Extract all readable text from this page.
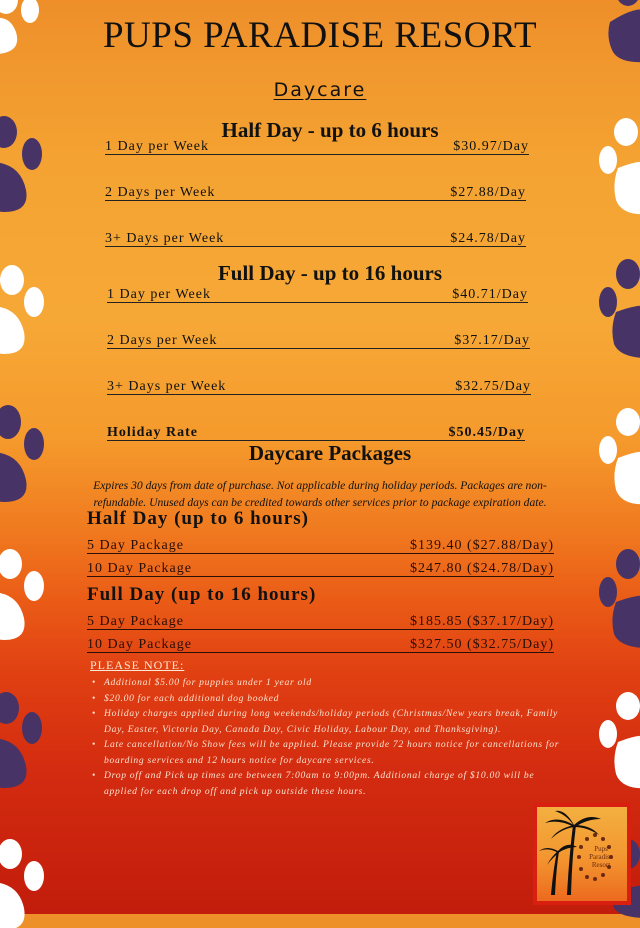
PUPS PARADISE RESORT
Daycare
Half Day - up to 6 hours
1 Day per Week	$30.97/Day
2 Days per Week	$27.88/Day
3+ Days per Week	$24.78/Day
Full Day - up to 16 hours
1 Day per Week	$40.71/Day
2 Days per Week	$37.17/Day
3+ Days per Week	$32.75/Day
Holiday Rate	$50.45/Day
Daycare Packages
Expires 30 days from date of purchase. Not applicable during holiday periods. Packages are non-refundable. Unused days can be credited towards other services prior to package expiration date.
Half Day (up to 6 hours)
5 Day Package	$139.40 ($27.88/Day)
10 Day Package	$247.80 ($24.78/Day)
Full Day (up to 16 hours)
5 Day Package	$185.85 ($37.17/Day)
10 Day Package	$327.50 ($32.75/Day)
PLEASE NOTE:
• Additional $5.00 for puppies under 1 year old
• $20.00 for each additional dog booked
• Holiday charges applied during long weekends/holiday periods (Christmas/New years break, Family Day, Easter, Victoria Day, Canada Day, Civic Holiday, Labour Day, and Thanksgiving).
• Late cancellation/No Show fees will be applied. Please provide 72 hours notice for cancellations for boarding services and 12 hours notice for daycare services.
• Drop off and Pick up times are between 7:00am to 9:00pm. Additional charge of $10.00 will be applied for each drop off and pick up outside these hours.
Pups
Paradise
Resort
